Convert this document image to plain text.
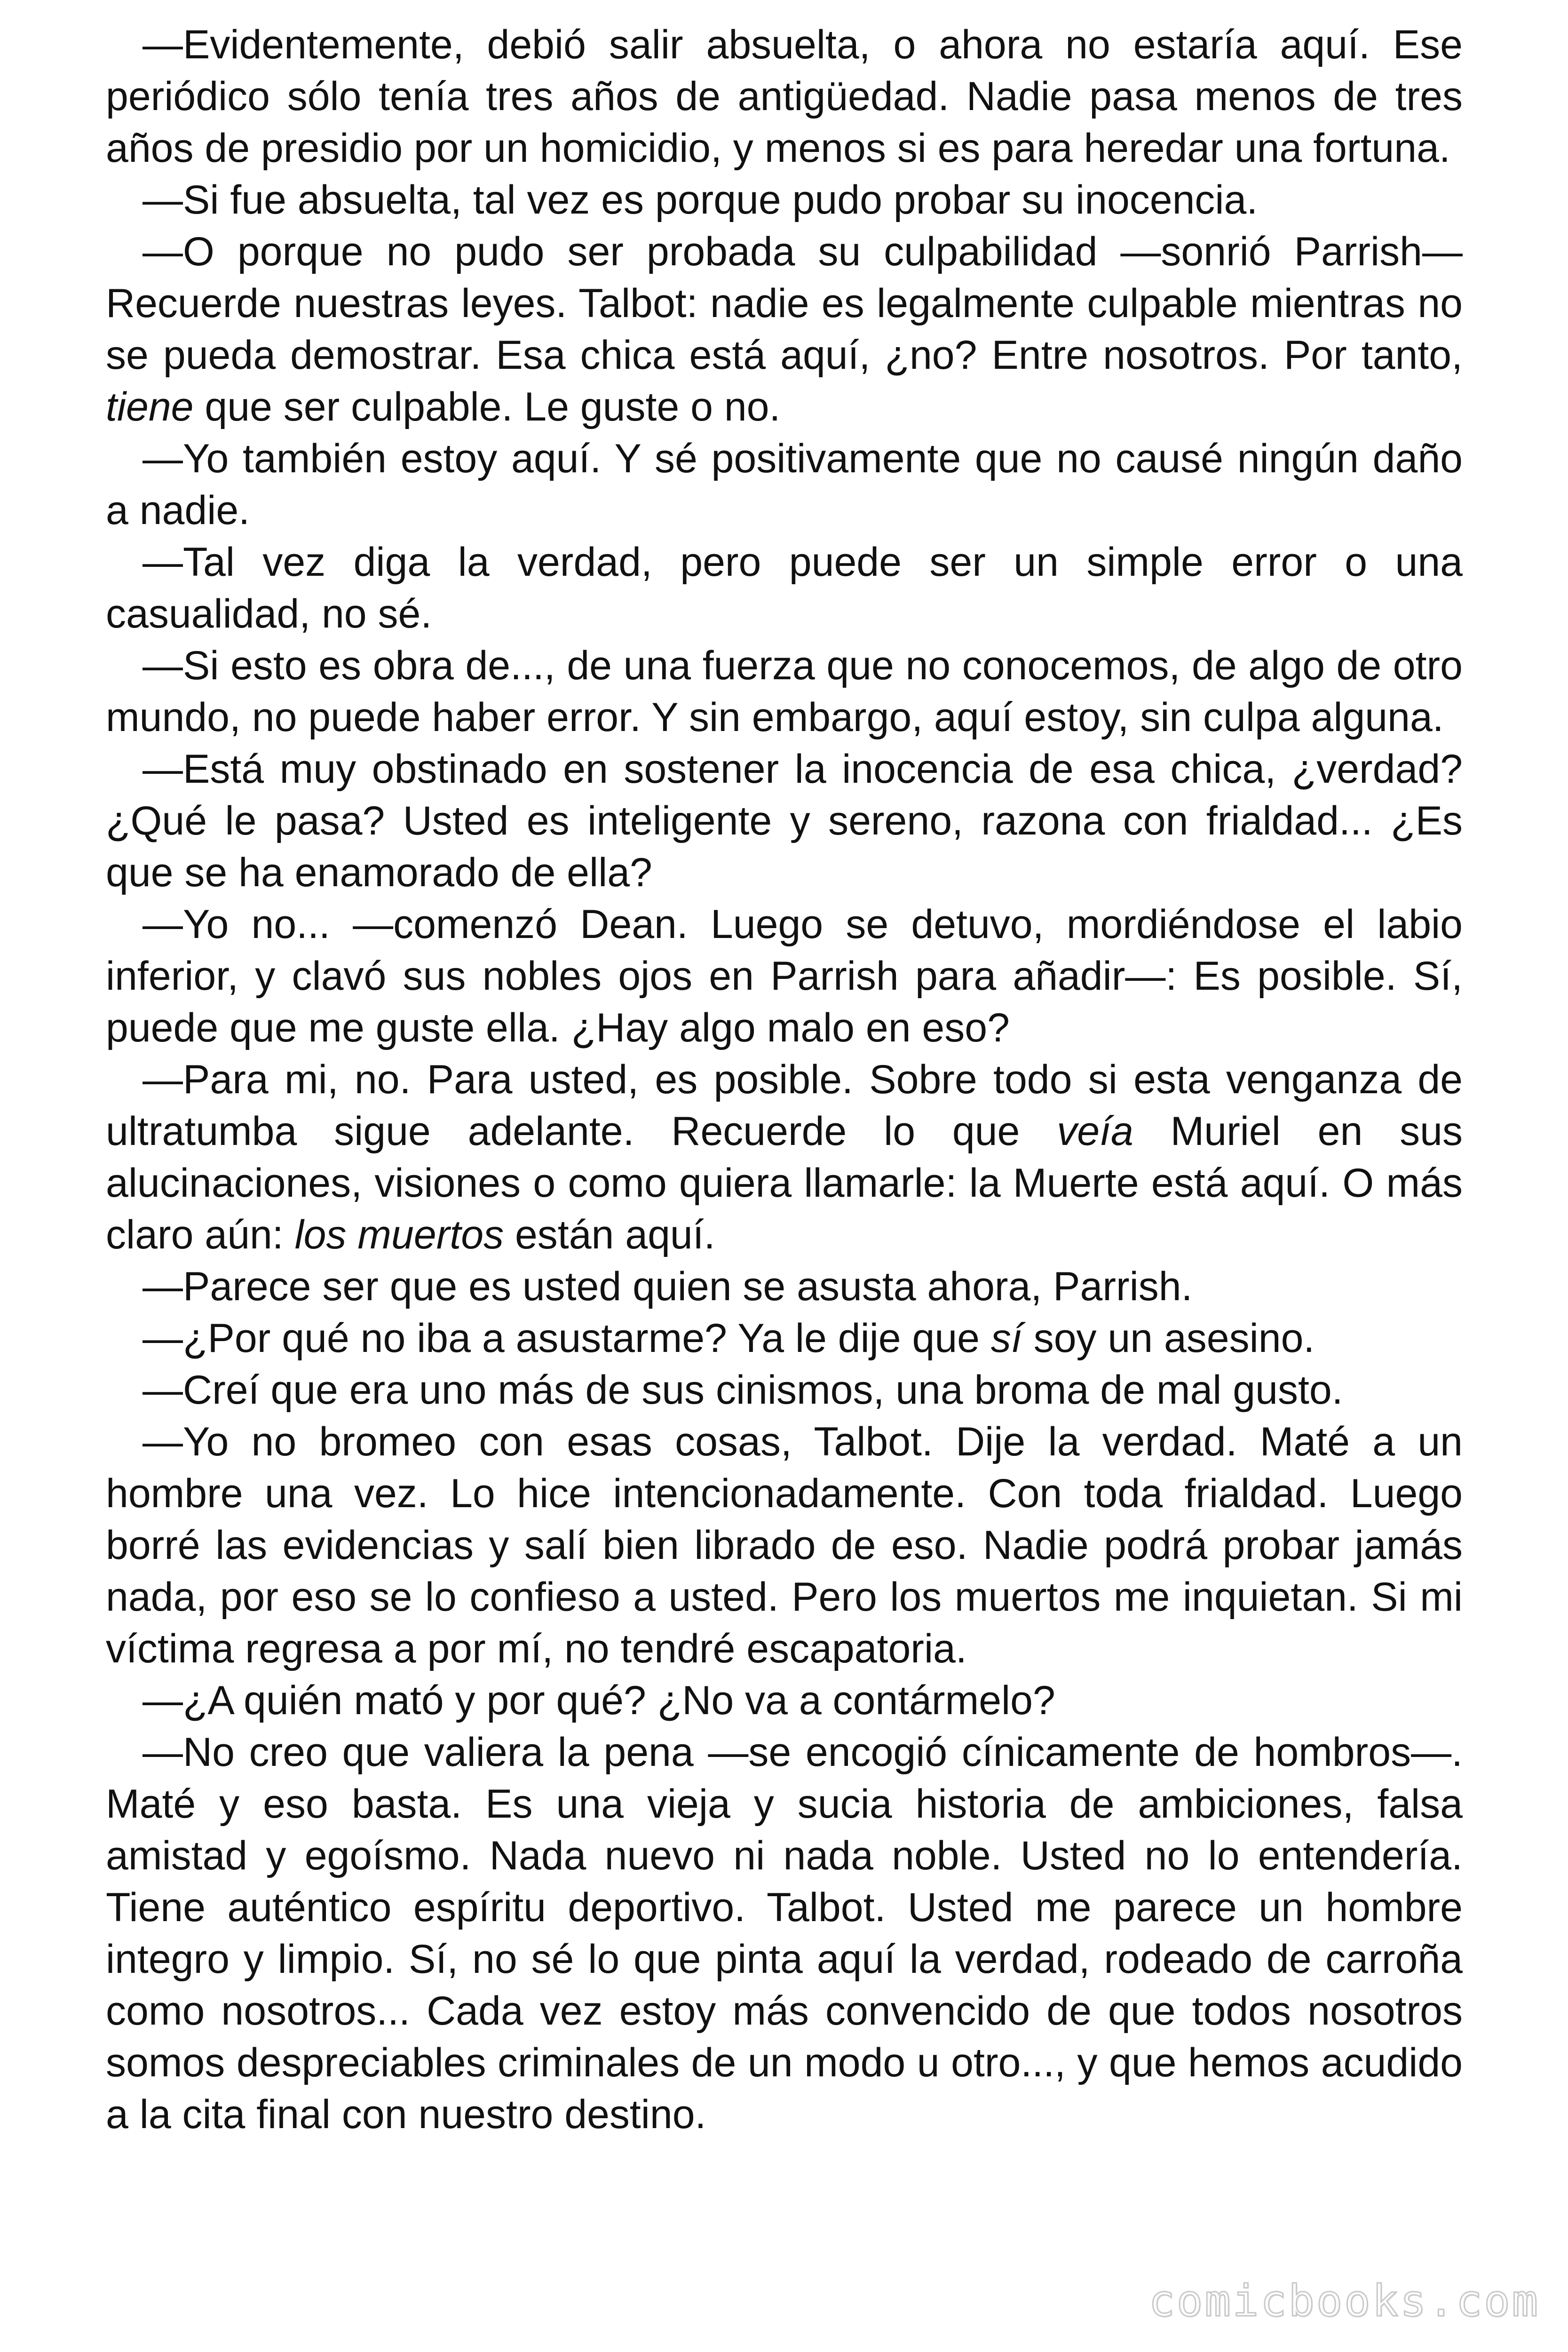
—Evidentemente, debió salir absuelta, o ahora no estaría aquí. Ese periódico sólo tenía tres años de antigüedad. Nadie pasa menos de tres años de presidio por un homicidio, y menos si es para heredar una fortuna.

—Si fue absuelta, tal vez es porque pudo probar su inocencia.

—O porque no pudo ser probada su culpabilidad —sonrió Parrish— Recuerde nuestras leyes. Talbot: nadie es legalmente culpable mientras no se pueda demostrar. Esa chica está aquí, ¿no? Entre nosotros. Por tanto, tiene que ser culpable. Le guste o no.

—Yo también estoy aquí. Y sé positivamente que no causé ningún daño a nadie.

—Tal vez diga la verdad, pero puede ser un simple error o una casualidad, no sé.

—Si esto es obra de..., de una fuerza que no conocemos, de algo de otro mundo, no puede haber error. Y sin embargo, aquí estoy, sin culpa alguna.

—Está muy obstinado en sostener la inocencia de esa chica, ¿verdad? ¿Qué le pasa? Usted es inteligente y sereno, razona con frialdad... ¿Es que se ha enamorado de ella?

—Yo no... —comenzó Dean. Luego se detuvo, mordiéndose el labio inferior, y clavó sus nobles ojos en Parrish para añadir—: Es posible. Sí, puede que me guste ella. ¿Hay algo malo en eso?

—Para mi, no. Para usted, es posible. Sobre todo si esta venganza de ultratumba sigue adelante. Recuerde lo que veía Muriel en sus alucinaciones, visiones o como quiera llamarle: la Muerte está aquí. O más claro aún: los muertos están aquí.

—Parece ser que es usted quien se asusta ahora, Parrish.

—¿Por qué no iba a asustarme? Ya le dije que sí soy un asesino.

—Creí que era uno más de sus cinismos, una broma de mal gusto.

—Yo no bromeo con esas cosas, Talbot. Dije la verdad. Maté a un hombre una vez. Lo hice intencionadamente. Con toda frialdad. Luego borré las evidencias y salí bien librado de eso. Nadie podrá probar jamás nada, por eso se lo confieso a usted. Pero los muertos me inquietan. Si mi víctima regresa a por mí, no tendré escapatoria.

—¿A quién mató y por qué? ¿No va a contármelo?

—No creo que valiera la pena —se encogió cínicamente de hombros—. Maté y eso basta. Es una vieja y sucia historia de ambiciones, falsa amistad y egoísmo. Nada nuevo ni nada noble. Usted no lo entendería. Tiene auténtico espíritu deportivo. Talbot. Usted me parece un hombre integro y limpio. Sí, no sé lo que pinta aquí la verdad, rodeado de carroña como nosotros... Cada vez estoy más convencido de que todos nosotros somos despreciables criminales de un modo u otro..., y que hemos acudido a la cita final con nuestro destino.

comicbooks.com
